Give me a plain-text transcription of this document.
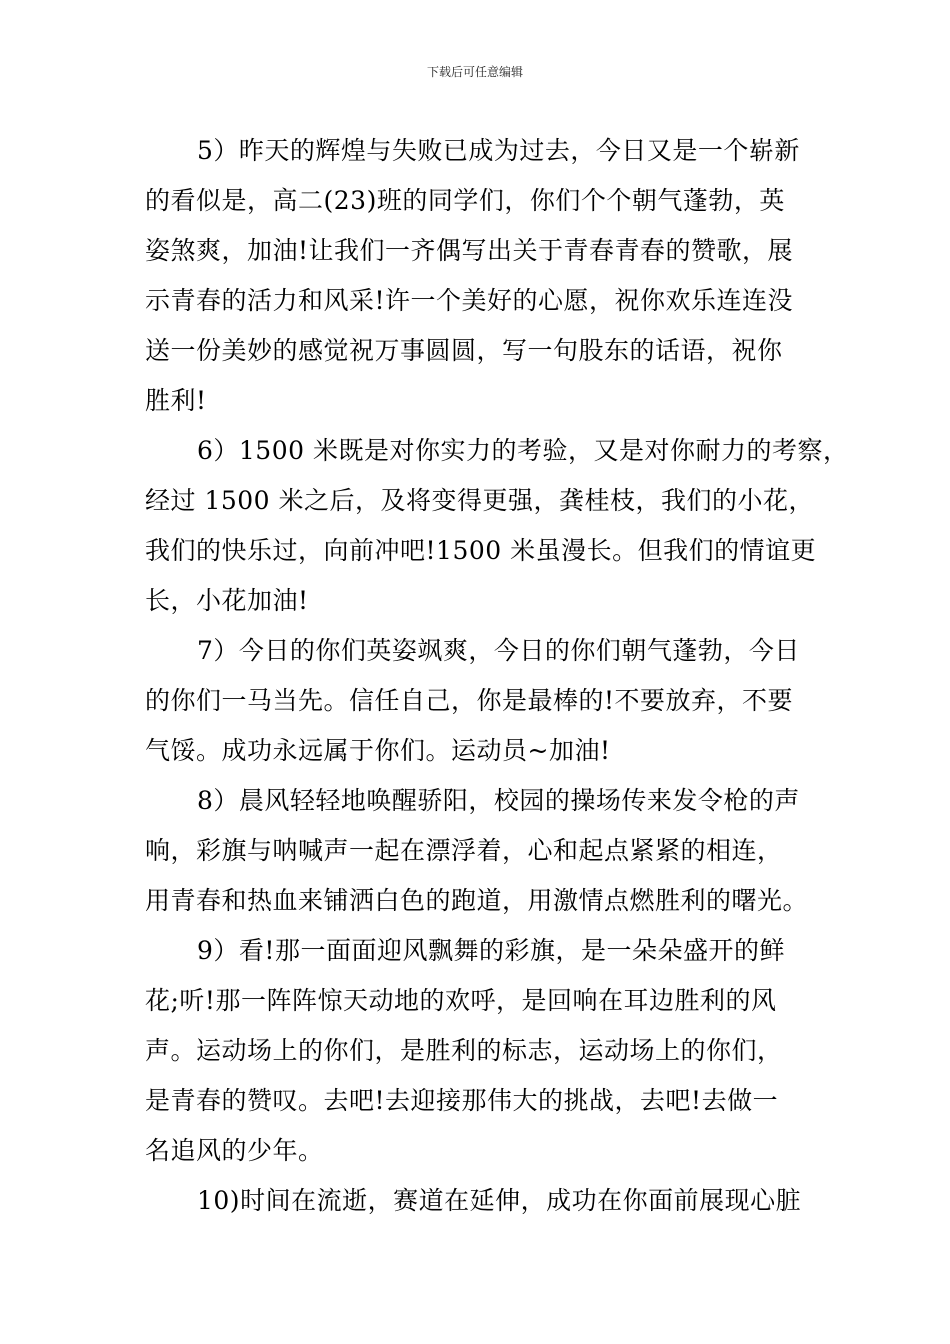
下载后可任意编辑
5）昨天的辉煌与失败已成为过去，今日又是一个崭新
的看似是，高二(23)班的同学们，你们个个朝气蓬勃，英
姿煞爽，加油!让我们一齐偶写出关于青春青春的赞歌，展
示青春的活力和风采!许一个美好的心愿，祝你欢乐连连没
送一份美妙的感觉祝万事圆圆，写一句股东的话语，祝你
胜利!
6）1500 米既是对你实力的考验，又是对你耐力的考察，
经过 1500 米之后，及将变得更强，龚桂枝，我们的小花，
我们的快乐过，向前冲吧!1500 米虽漫长。但我们的情谊更
长，小花加油!
7）今日的你们英姿飒爽，今日的你们朝气蓬勃，今日
的你们一马当先。信任自己，你是最棒的!不要放弃，不要
气馁。成功永远属于你们。运动员~加油!
8）晨风轻轻地唤醒骄阳，校园的操场传来发令枪的声
响，彩旗与呐喊声一起在漂浮着，心和起点紧紧的相连，
用青春和热血来铺洒白色的跑道，用激情点燃胜利的曙光。
9）看!那一面面迎风飘舞的彩旗，是一朵朵盛开的鲜
花;听!那一阵阵惊天动地的欢呼，是回响在耳边胜利的风
声。运动场上的你们，是胜利的标志，运动场上的你们，
是青春的赞叹。去吧!去迎接那伟大的挑战，去吧!去做一
名追风的少年。
10)时间在流逝，赛道在延伸，成功在你面前展现心脏
